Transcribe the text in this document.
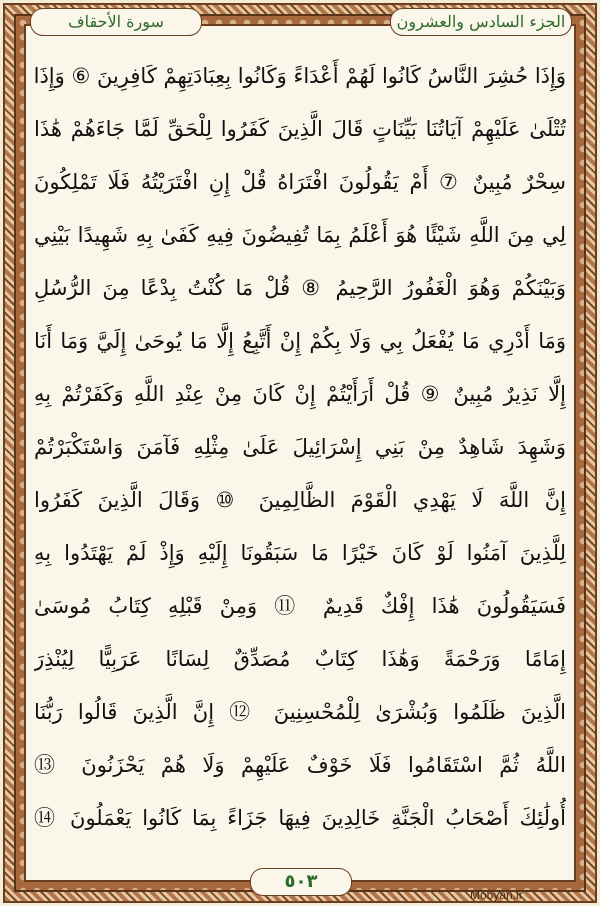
سورة الأحقاف	الجزء السادس والعشرون
وَإِذَا حُشِرَ النَّاسُ كَانُوا لَهُمْ أَعْدَاءً وَكَانُوا بِعِبَادَتِهِمْ كَافِرِينَ ⑥ وَإِذَا
تُتْلَىٰ عَلَيْهِمْ آيَاتُنَا بَيِّنَاتٍ قَالَ الَّذِينَ كَفَرُوا لِلْحَقِّ لَمَّا جَاءَهُمْ هَٰذَا
سِحْرٌ مُبِينٌ ⑦ أَمْ يَقُولُونَ افْتَرَاهُ قُلْ إِنِ افْتَرَيْتُهُ فَلَا تَمْلِكُونَ
لِي مِنَ اللَّهِ شَيْئًا هُوَ أَعْلَمُ بِمَا تُفِيضُونَ فِيهِ كَفَىٰ بِهِ شَهِيدًا بَيْنِي
وَبَيْنَكُمْ وَهُوَ الْغَفُورُ الرَّحِيمُ ⑧ قُلْ مَا كُنْتُ بِدْعًا مِنَ الرُّسُلِ
وَمَا أَدْرِي مَا يُفْعَلُ بِي وَلَا بِكُمْ إِنْ أَتَّبِعُ إِلَّا مَا يُوحَىٰ إِلَيَّ وَمَا أَنَا
إِلَّا نَذِيرٌ مُبِينٌ ⑨ قُلْ أَرَأَيْتُمْ إِنْ كَانَ مِنْ عِنْدِ اللَّهِ وَكَفَرْتُمْ بِهِ
وَشَهِدَ شَاهِدٌ مِنْ بَنِي إِسْرَائِيلَ عَلَىٰ مِثْلِهِ فَآمَنَ وَاسْتَكْبَرْتُمْ
إِنَّ اللَّهَ لَا يَهْدِي الْقَوْمَ الظَّالِمِينَ ⑩ وَقَالَ الَّذِينَ كَفَرُوا
لِلَّذِينَ آمَنُوا لَوْ كَانَ خَيْرًا مَا سَبَقُونَا إِلَيْهِ وَإِذْ لَمْ يَهْتَدُوا بِهِ
فَسَيَقُولُونَ هَٰذَا إِفْكٌ قَدِيمٌ ⑪ وَمِنْ قَبْلِهِ كِتَابُ مُوسَىٰ
إِمَامًا وَرَحْمَةً وَهَٰذَا كِتَابٌ مُصَدِّقٌ لِسَانًا عَرَبِيًّا لِيُنْذِرَ
الَّذِينَ ظَلَمُوا وَبُشْرَىٰ لِلْمُحْسِنِينَ ⑫ إِنَّ الَّذِينَ قَالُوا رَبُّنَا
اللَّهُ ثُمَّ اسْتَقَامُوا فَلَا خَوْفٌ عَلَيْهِمْ وَلَا هُمْ يَحْزَنُونَ ⑬
أُولَٰئِكَ أَصْحَابُ الْجَنَّةِ خَالِدِينَ فِيهَا جَزَاءً بِمَا كَانُوا يَعْمَلُونَ ⑭
٥٠٣
Mobyan.ir
